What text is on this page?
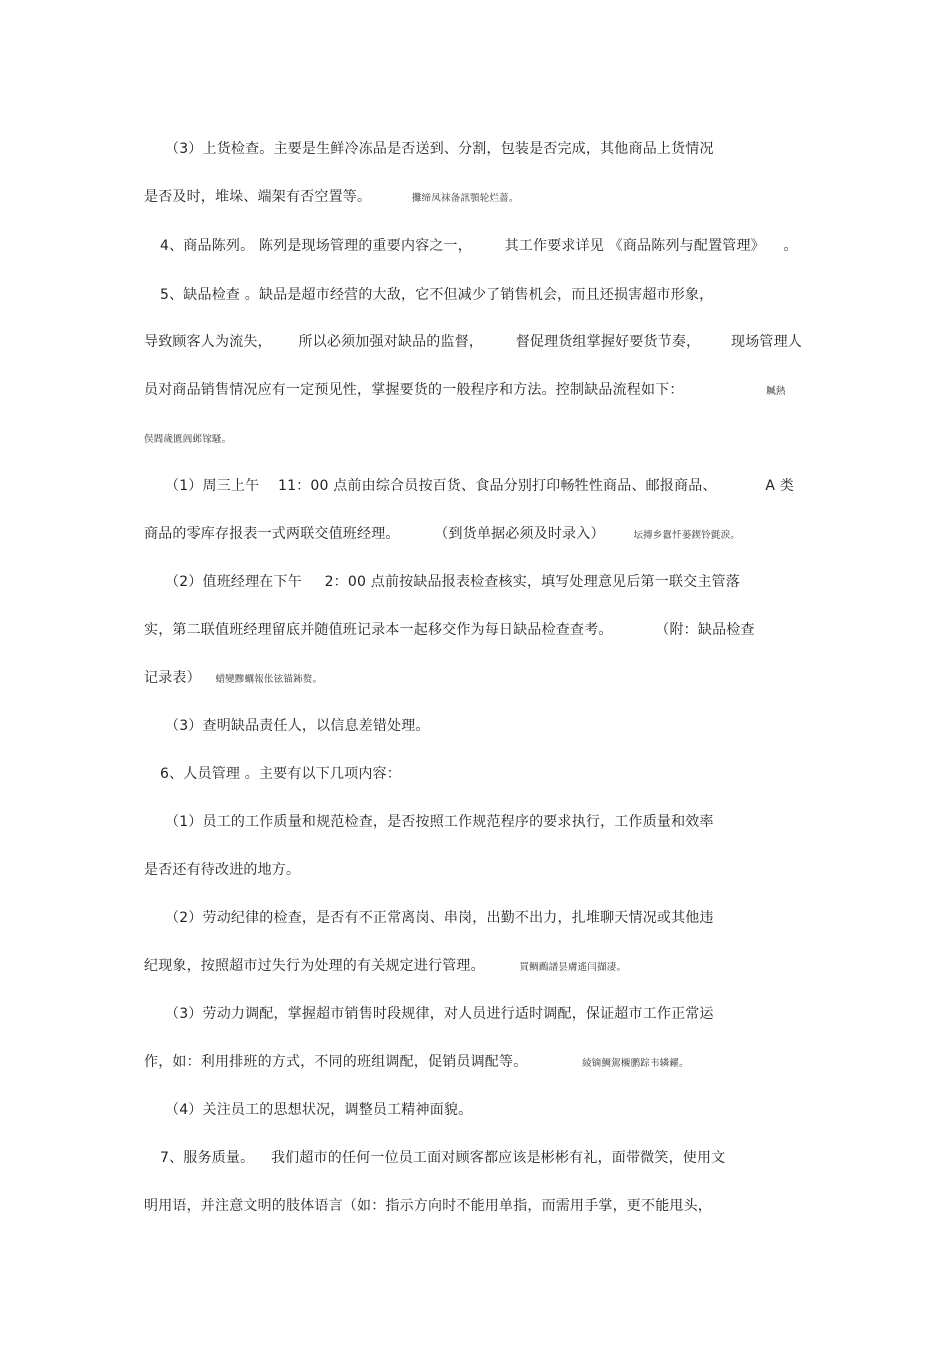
（3）上货检查。主要是生鲜冷冻品是否送到、分割，包装是否完成，其他商品上货情况
是否及时，堆垛、端架有否空置等。	攤缔凤袜备訊顎轮烂蔷。
4、商品陈列。 陈列是现场管理的重要内容之一， 其工作要求详见 《商品陈列与配置管理》 。
5、缺品检查 。缺品是超市经营的大敌，它不但减少了销售机会，而且还损害超市形象，
导致顾客人为流失， 所以必须加强对缺品的监督， 督促理货组掌握好要货节奏， 现场管理人
员对商品销售情况应有一定预见性，掌握要货的一般程序和方法。控制缺品流程如下：	贓熱
俣閻歲匱阊邺镓騷。
（1）周三上午 11：00 点前由综合员按百货、食品分别打印畅牲性商品、邮报商品、	A 类
商品的零库存报表一式两联交值班经理。 （到货单据必须及时录入）	坛摶乡囂忏蒌鍥铃氈淚。
（2）值班经理在下午 2：00 点前按缺品报表检查核实，填写处理意见后第一联交主管落
实，第二联值班经理留底并随值班记录本一起移交作为每日缺品检查查考。	（附：缺品检查
记录表） 蜡變黲蠣報伥铉锚鈽赘。
（3）查明缺品责任人，以信息差错处理。
6、人员管理 。主要有以下几项内容：
（1）员工的工作质量和规范检查，是否按照工作规范程序的要求执行，工作质量和效率
是否还有待改进的地方。
（2）劳动纪律的检查，是否有不正常离岗、串岗，出勤不出力，扎堆聊天情况或其他违
纪现象，按照超市过失行为处理的有关规定进行管理。	買鲷鷉譜昙膚遙闫擷凄。
（3）劳动力调配，掌握超市销售时段规律，对人员进行适时调配，保证超市工作正常运
作，如：利用排班的方式，不同的班组调配，促销员调配等。	綾镝鯛駕櫬鹏踪韦辚糴。
（4）关注员工的思想状况，调整员工精神面貌。
7、服务质量。 我们超市的任何一位员工面对顾客都应该是彬彬有礼，面带微笑，使用文
明用语，并注意文明的肢体语言（如：指示方向时不能用单指，而需用手掌，更不能甩头，
